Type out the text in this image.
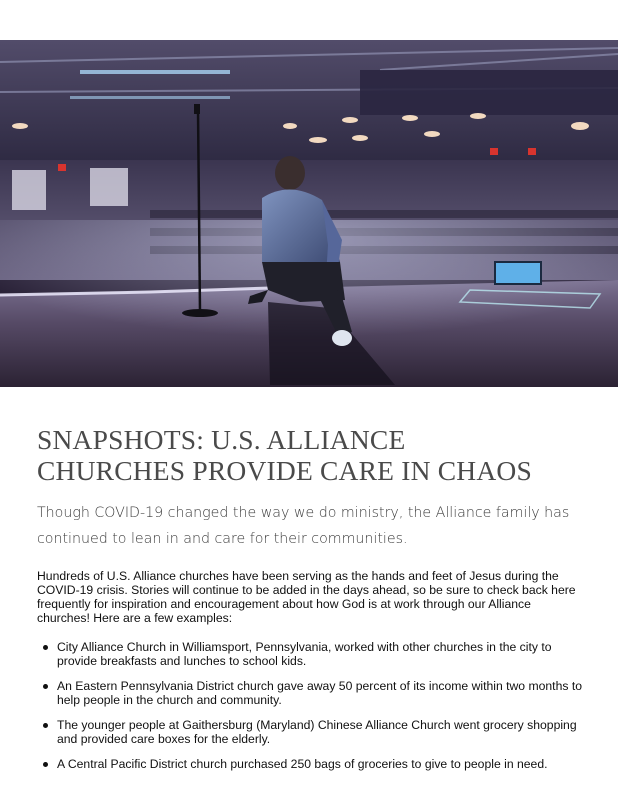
SNAPSHOTS: U.S. ALLIANCE
CHURCHES PROVIDE CARE IN CHAOS

Though COVID-19 changed the way we do ministry, the Alliance family has
continued to lean in and care for their communities.

Hundreds of U.S. Alliance churches have been serving as the hands and feet of Jesus during the
COVID-19 crisis. Stories will continue to be added in the days ahead, so be sure to check back here
frequently for inspiration and encouragement about how God is at work through our Alliance
churches! Here are a few examples:

City Alliance Church in Williamsport, Pennsylvania, worked with other churches in the city to
provide breakfasts and lunches to school kids.
An Eastern Pennsylvania District church gave away 50 percent of its income within two months to
help people in the church and community.
The younger people at Gaithersburg (Maryland) Chinese Alliance Church went grocery shopping
and provided care boxes for the elderly.
A Central Pacific District church purchased 250 bags of groceries to give to people in need.
